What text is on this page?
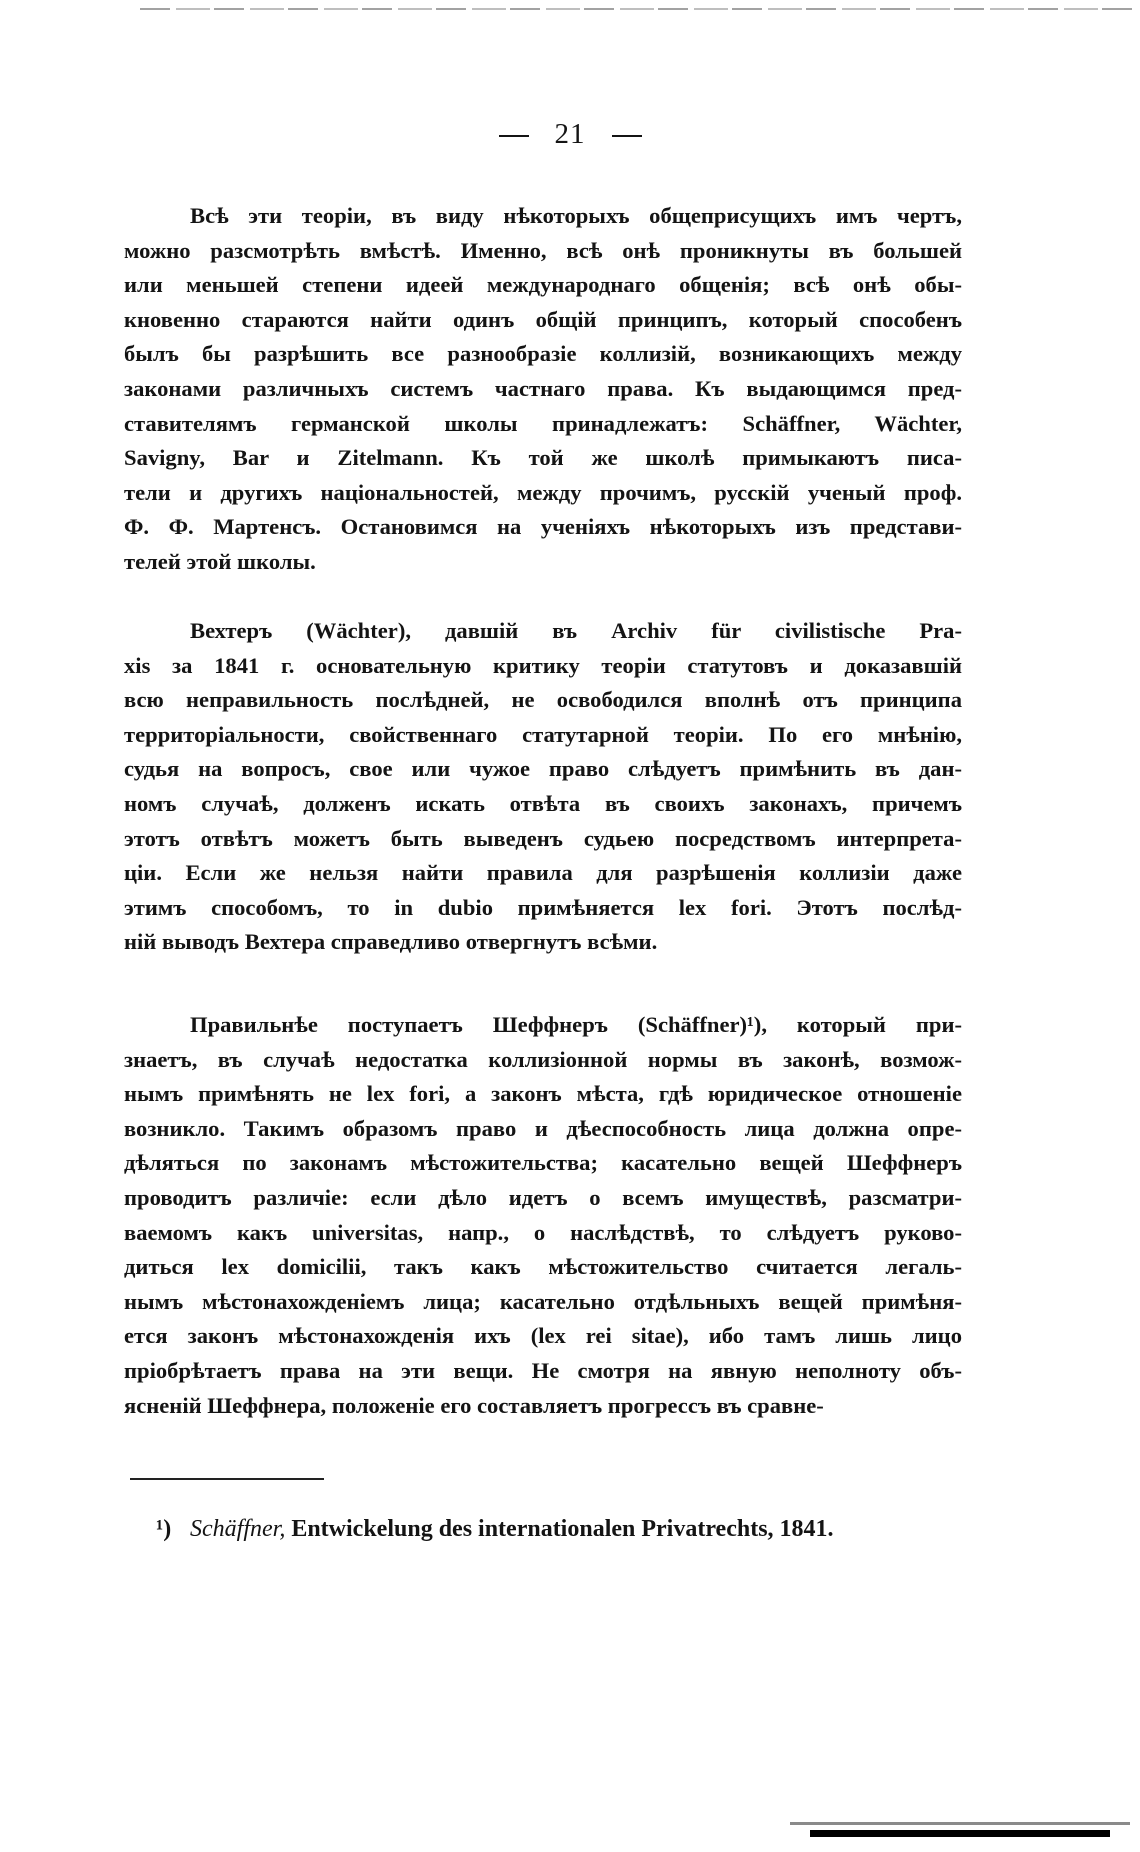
21
Всѣ эти теоріи, въ виду нѣкоторыхъ общеприсущихъ имъ чертъ,
можно разсмотрѣть вмѣстѣ. Именно, всѣ онѣ проникнуты въ большей
или меньшей степени идеей международнаго общенія; всѣ онѣ обы-
кновенно стараются найти одинъ общій принципъ, который способенъ
былъ бы разрѣшить все разнообразіе коллизій, возникающихъ между
законами различныхъ системъ частнаго права. Къ выдающимся пред-
ставителямъ германской школы принадлежатъ: Schäffner, Wächter,
Savigny, Bar и Zitelmann. Къ той же школѣ примыкаютъ писа-
тели и другихъ національностей, между прочимъ, русскій ученый проф.
Ф. Ф. Мартенсъ. Остановимся на ученіяхъ нѣкоторыхъ изъ представи-
телей этой школы.
Вехтеръ (Wächter), давшій въ Archiv für civilistische Pra-
xis за 1841 г. основательную критику теоріи статутовъ и доказавшій
всю неправильность послѣдней, не освободился вполнѣ отъ принципа
территоріальности, свойственнаго статутарной теоріи. По его мнѣнію,
судья на вопросъ, свое или чужое право слѣдуетъ примѣнить въ дан-
номъ случаѣ, долженъ искать отвѣта въ своихъ законахъ, причемъ
этотъ отвѣтъ можетъ быть выведенъ судьею посредствомъ интерпрета-
ціи. Если же нельзя найти правила для разрѣшенія коллизіи даже
этимъ способомъ, то in dubio примѣняется lex fori. Этотъ послѣд-
ній выводъ Вехтера справедливо отвергнутъ всѣми.
Правильнѣе поступаетъ Шеффнеръ (Schäffner)¹), который при-
знаетъ, въ случаѣ недостатка коллизіонной нормы въ законѣ, возмож-
нымъ примѣнять не lex fori, а законъ мѣста, гдѣ юридическое отношеніе
возникло. Такимъ образомъ право и дѣеспособность лица должна опре-
дѣляться по законамъ мѣстожительства; касательно вещей Шеффнеръ
проводитъ различіе: если дѣло идетъ о всемъ имуществѣ, разсматри-
ваемомъ какъ universitas, напр., о наслѣдствѣ, то слѣдуетъ руково-
диться lex domicilii, такъ какъ мѣстожительство считается легаль-
нымъ мѣстонахожденіемъ лица; касательно отдѣльныхъ вещей примѣня-
ется законъ мѣстонахожденія ихъ (lex rei sitae), ибо тамъ лишь лицо
пріобрѣтаетъ права на эти вещи. Не смотря на явную неполноту объ-
ясненій Шеффнера, положеніе его составляетъ прогрессъ въ сравне-
¹) Schäffner, Entwickelung des internationalen Privatrechts, 1841.
